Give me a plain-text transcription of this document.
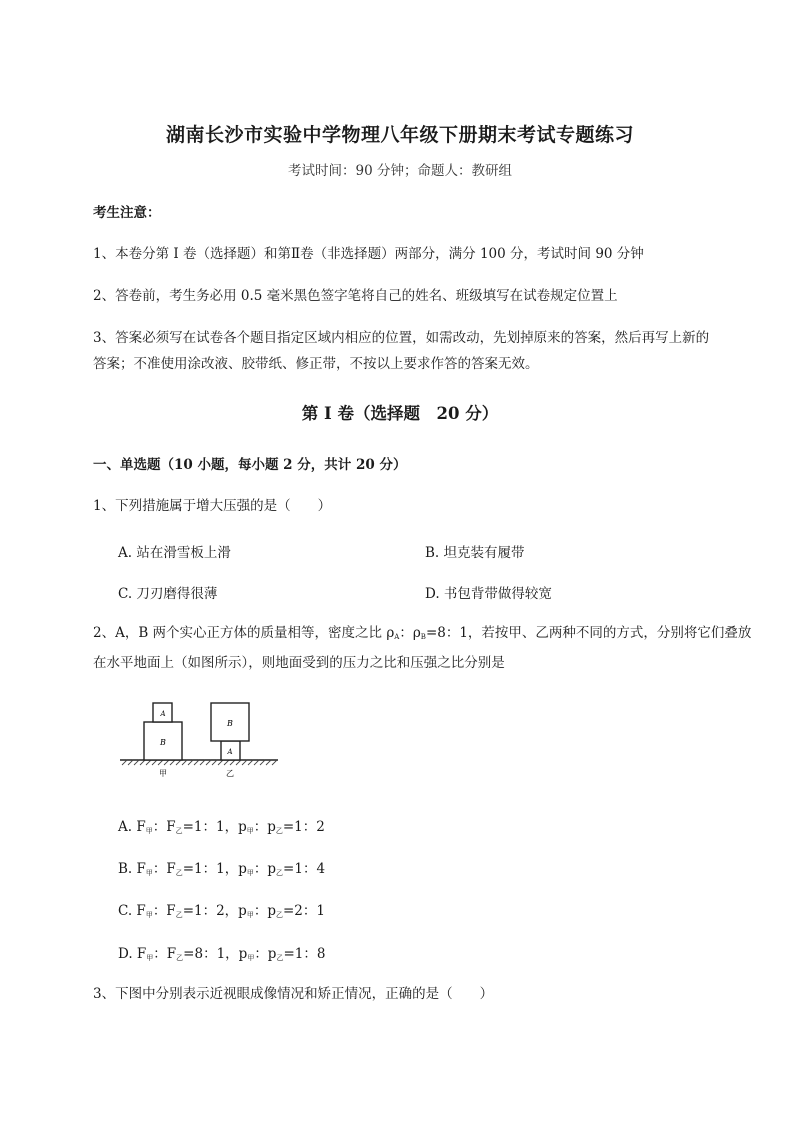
湖南长沙市实验中学物理八年级下册期末考试专题练习
考试时间：90 分钟；命题人：教研组
考生注意：
1、本卷分第 I 卷（选择题）和第Ⅱ卷（非选择题）两部分，满分 100 分，考试时间 90 分钟
2、答卷前，考生务必用 0.5 毫米黑色签字笔将自己的姓名、班级填写在试卷规定位置上
3、答案必须写在试卷各个题目指定区域内相应的位置，如需改动，先划掉原来的答案，然后再写上新的答案；不准使用涂改液、胶带纸、修正带，不按以上要求作答的答案无效。
第 I 卷（选择题　20 分）
一、单选题（10 小题，每小题 2 分，共计 20 分）
1、下列措施属于增大压强的是（　　）
A. 站在滑雪板上滑	B. 坦克装有履带
C. 刀刃磨得很薄	D. 书包背带做得较宽
2、A，B 两个实心正方体的质量相等，密度之比 $\rho_A$：$\rho_B=8$：1，若按甲、乙两种不同的方式，分别将它们叠放在水平地面上（如图所示），则地面受到的压力之比和压强之比分别是
B
A
B
A
甲	乙
A. $F_甲$：$F_乙=1$：1，$p_甲$：$p_乙=1$：2
B. $F_甲$：$F_乙=1$：1，$p_甲$：$p_乙=1$：4
C. $F_甲$：$F_乙=1$：2，$p_甲$：$p_乙=2$：1
D. $F_甲$：$F_乙=8$：1，$p_甲$：$p_乙=1$：8
3、下图中分别表示近视眼成像情况和矫正情况，正确的是（　　）
